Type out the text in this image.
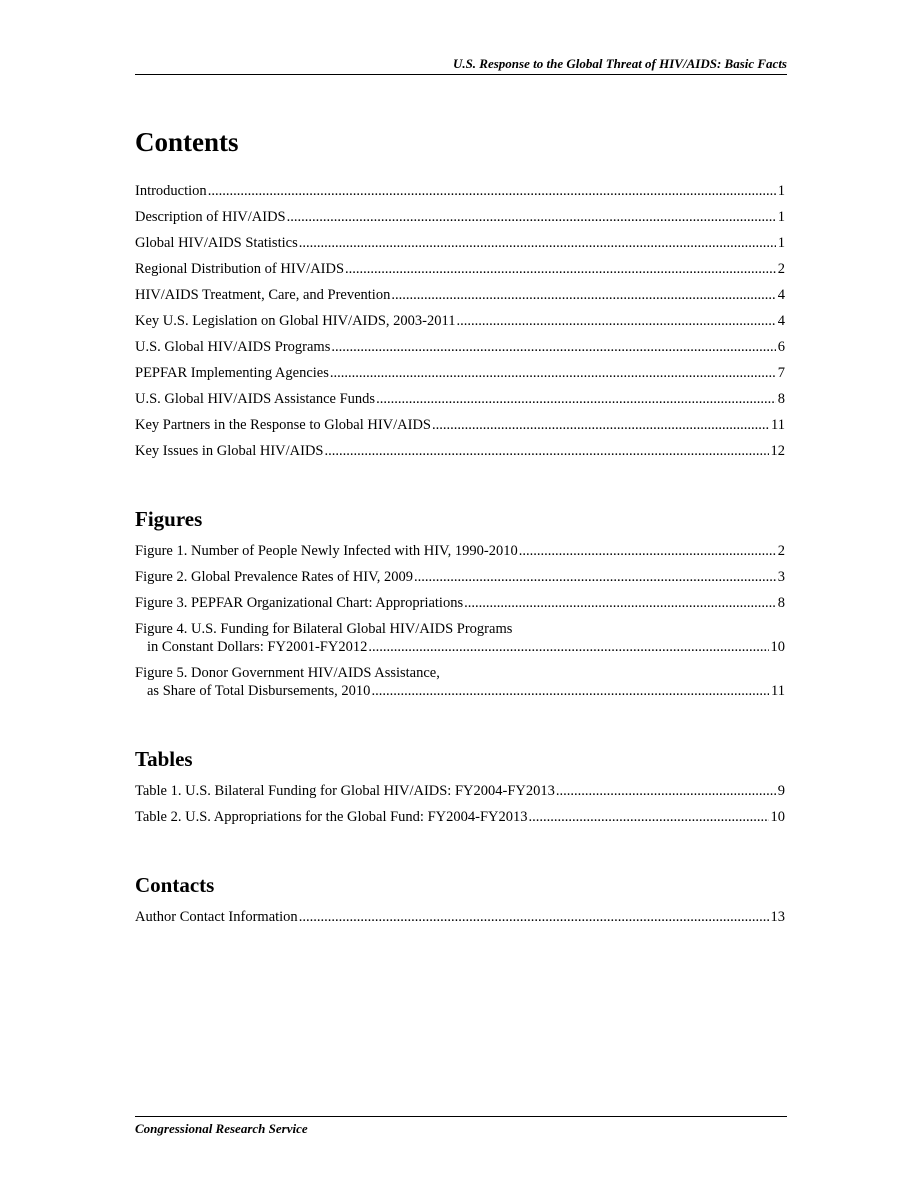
U.S. Response to the Global Threat of HIV/AIDS: Basic Facts
Contents
Introduction .....	1
Description of HIV/AIDS .....	1
Global HIV/AIDS Statistics .....	1
Regional Distribution of HIV/AIDS .....	2
HIV/AIDS Treatment, Care, and Prevention .....	4
Key U.S. Legislation on Global HIV/AIDS, 2003-2011 .....	4
U.S. Global HIV/AIDS Programs .....	6
PEPFAR Implementing Agencies .....	7
U.S. Global HIV/AIDS Assistance Funds .....	8
Key Partners in the Response to Global HIV/AIDS .....	11
Key Issues in Global HIV/AIDS .....	12
Figures
Figure 1. Number of People Newly Infected with HIV, 1990-2010 .....	2
Figure 2. Global Prevalence Rates of HIV, 2009 .....	3
Figure 3. PEPFAR Organizational Chart: Appropriations .....	8
Figure 4. U.S. Funding for Bilateral Global HIV/AIDS Programs
in Constant Dollars: FY2001-FY2012 .....	10
Figure 5. Donor Government HIV/AIDS Assistance,
as Share of Total Disbursements, 2010 .....	11
Tables
Table 1. U.S. Bilateral Funding for Global HIV/AIDS: FY2004-FY2013 .....	9
Table 2. U.S. Appropriations for the Global Fund: FY2004-FY2013 .....	10
Contacts
Author Contact Information .....	13
Congressional Research Service
